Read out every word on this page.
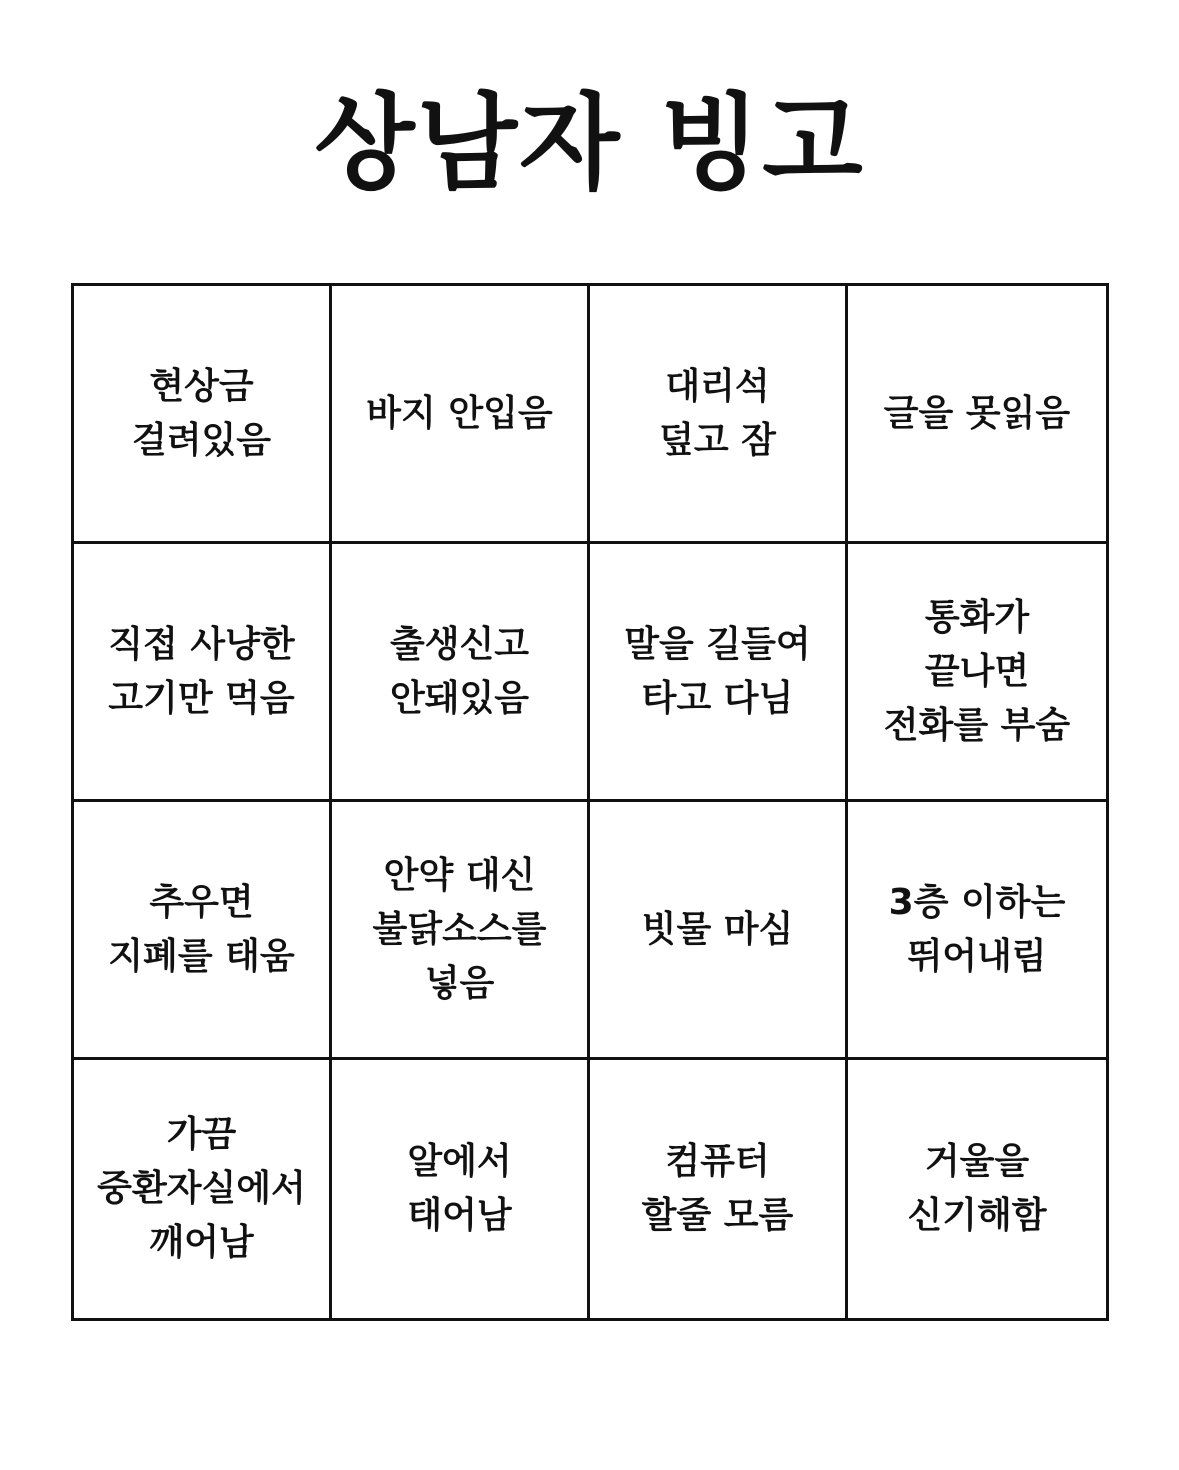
상남자 빙고
현상금
걸려있음
바지 안입음
대리석
덮고 잠
글을 못읽음
직접 사냥한
고기만 먹음
출생신고
안돼있음
말을 길들여
타고 다님
통화가
끝나면
전화를 부숨
추우면
지폐를 태움
안약 대신
불닭소스를
넣음
빗물 마심
3층 이하는
뛰어내림
가끔
중환자실에서
깨어남
알에서
태어남
컴퓨터
할줄 모름
거울을
신기해함
